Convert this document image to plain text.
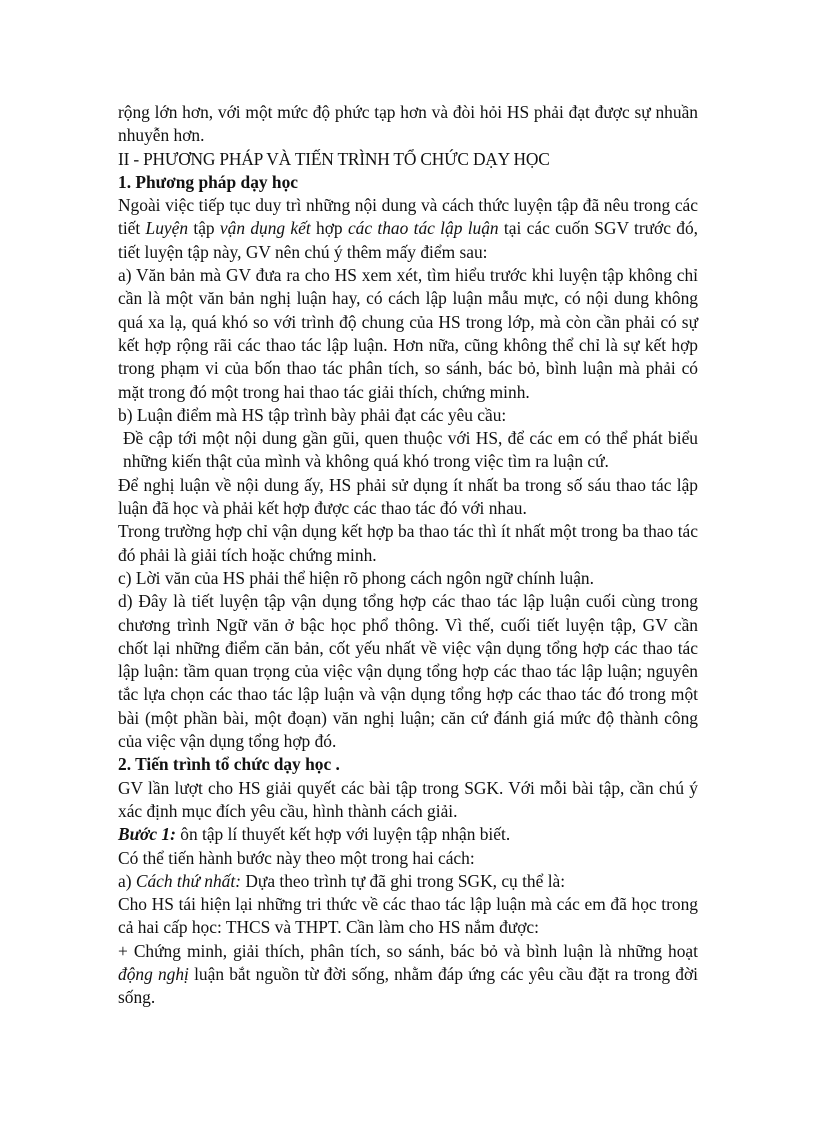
rộng lớn hơn, với một mức độ phức tạp hơn và đòi hỏi HS phải đạt được sự nhuần nhuyễn hơn.

II - PHƯƠNG PHÁP VÀ TIẾN TRÌNH TỔ CHỨC DẠY HỌC

1. Phương pháp dạy học

Ngoài việc tiếp tục duy trì những nội dung và cách thức luyện tập đã nêu trong các tiết Luyện tập vận dụng kết hợp các thao tác lập luận tại các cuốn SGV trước đó, tiết luyện tập này, GV nên chú ý thêm mấy điểm sau:

a) Văn bản mà GV đưa ra cho HS xem xét, tìm hiểu trước khi luyện tập không chỉ cần là một văn bản nghị luận hay, có cách lập luận mẫu mực, có nội dung không quá xa lạ, quá khó so với trình độ chung của HS trong lớp, mà còn cần phải có sự kết hợp rộng rãi các thao tác lập luận. Hơn nữa, cũng không thể chỉ là sự kết hợp trong phạm vi của bốn thao tác phân tích, so sánh, bác bỏ, bình luận mà phải có mặt trong đó một trong hai thao tác giải thích, chứng minh.

b) Luận điểm mà HS tập trình bày phải đạt các yêu cầu:

Đề cập tới một nội dung gần gũi, quen thuộc với HS, để các em có thể phát biểu những kiến thật của mình và không quá khó trong việc tìm ra luận cứ.

Để nghị luận về nội dung ấy, HS phải sử dụng ít nhất ba trong số sáu thao tác lập luận đã học và phải kết hợp được các thao tác đó với nhau.

Trong trường hợp chỉ vận dụng kết hợp ba thao tác thì ít nhất một trong ba thao tác đó phải là giải tích hoặc chứng minh.

c) Lời văn của HS phải thể hiện rõ phong cách ngôn ngữ chính luận.

d) Đây là tiết luyện tập vận dụng tổng hợp các thao tác lập luận cuối cùng trong chương trình Ngữ văn ở bậc học phổ thông. Vì thế, cuối tiết luyện tập, GV cần chốt lại những điểm căn bản, cốt yếu nhất về việc vận dụng tổng hợp các thao tác lập luận: tầm quan trọng của việc vận dụng tổng hợp các thao tác lập luận; nguyên tắc lựa chọn các thao tác lập luận và vận dụng tổng hợp các thao tác đó trong một bài (một phần bài, một đoạn) văn nghị luận; căn cứ đánh giá mức độ thành công của việc vận dụng tổng hợp đó.

2. Tiến trình tổ chức dạy học .

GV lần lượt cho HS giải quyết các bài tập trong SGK. Với mỗi bài tập, cần chú ý xác định mục đích yêu cầu, hình thành cách giải.

Bước 1: ôn tập lí thuyết kết hợp với luyện tập nhận biết.

Có thể tiến hành bước này theo một trong hai cách:

a) Cách thứ nhất: Dựa theo trình tự đã ghi trong SGK, cụ thể là:

Cho HS tái hiện lại những tri thức về các thao tác lập luận mà các em đã học trong cả hai cấp học: THCS và THPT. Cần làm cho HS nắm được:

+ Chứng minh, giải thích, phân tích, so sánh, bác bỏ và bình luận là những hoạt động nghị luận bắt nguồn từ đời sống, nhằm đáp ứng các yêu cầu đặt ra trong đời sống.
